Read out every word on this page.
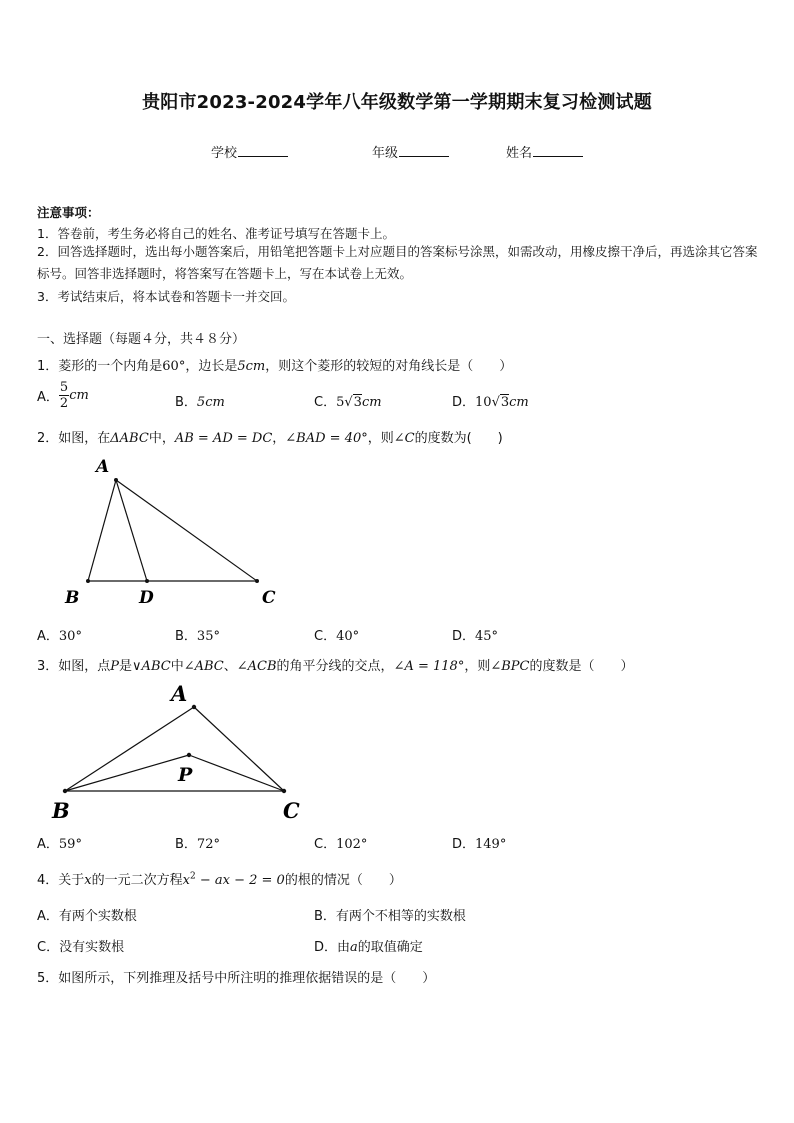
贵阳市2023-2024学年八年级数学第一学期期末复习检测试题
学校	年级	姓名
注意事项：
1．答卷前，考生务必将自己的姓名、准考证号填写在答题卡上。
2．回答选择题时，选出每小题答案后，用铅笔把答题卡上对应题目的答案标号涂黑，如需改动，用橡皮擦干净后，再选涂其它答案标号。回答非选择题时，将答案写在答题卡上，写在本试卷上无效。
3．考试结束后，将本试卷和答题卡一并交回。
一、选择题（每题４分，共４８分）
1．菱形的一个内角是60°，边长是5cm，则这个菱形的较短的对角线长是（　　）
A． $\frac{5}{2}$ cm	B．5cm	C．5√3cm	D．10√3cm
2．如图，在ΔABC中，AB = AD = DC，∠BAD = 40°，则∠C的度数为(　　)
A
B	D	C
A
P
B	C
A．30°	B．35°	C．40°	D．45°
3．如图，点P是∨ABC中∠ABC、∠ACB的角平分线的交点，∠A = 118°，则∠BPC的度数是（　　）
A．59°	B．72°	C．102°	D．149°
4．关于x的一元二次方程$x^2$ − ax − 2 = 0的根的情况（　　）
A．有两个实数根	B．有两个不相等的实数根
C．没有实数根	D．由a的取值确定
5．如图所示，下列推理及括号中所注明的推理依据错误的是（　　）
